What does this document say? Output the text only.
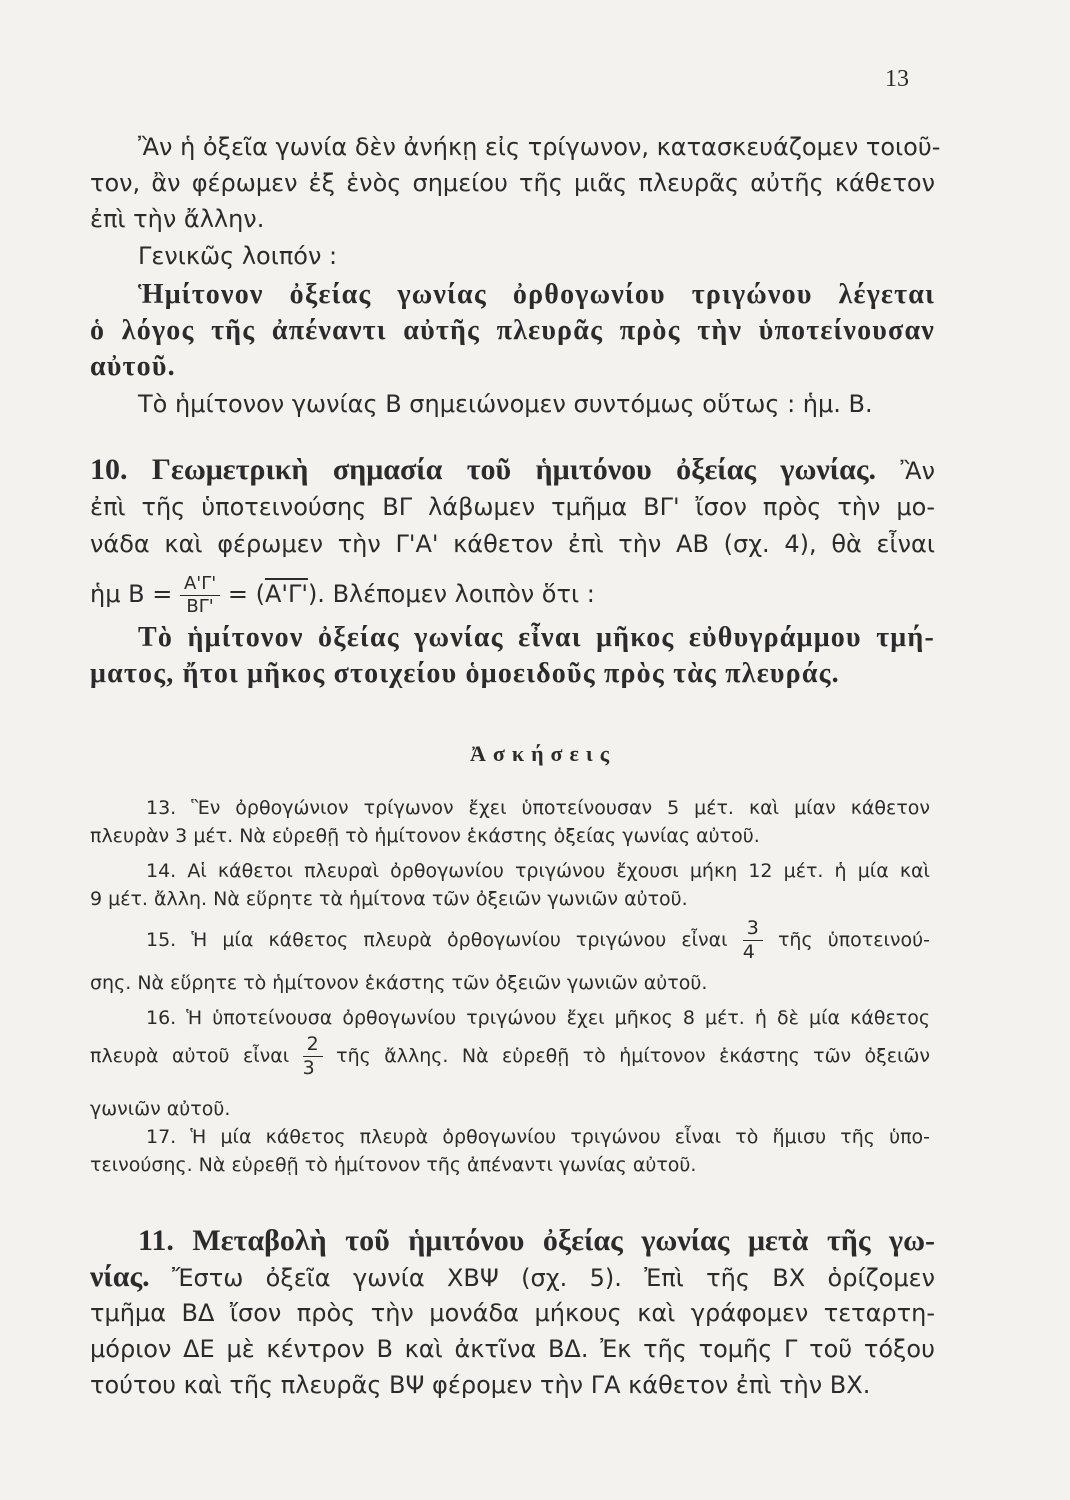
13
Ἂν ἡ ὀξεῖα γωνία δὲν ἀνήκῃ εἰς τρίγωνον, κατασκευάζομεν τοιοῦ-
τον, ἂν φέρωμεν ἐξ ἑνὸς σημείου τῆς μιᾶς πλευρᾶς αὐτῆς κάθετον
ἐπὶ τὴν ἄλλην.
Γενικῶς λοιπόν :
Ἡμίτονον ὀξείας γωνίας ὀρθογωνίου τριγώνου λέγεται
ὁ λόγος τῆς ἀπέναντι αὐτῆς πλευρᾶς πρὸς τὴν ὑποτείνουσαν
αὐτοῦ.
Τὸ ἡμίτονον γωνίας Β σημειώνομεν συντόμως οὕτως : ἡμ. Β.
10. Γεωμετρικὴ σημασία τοῦ ἡμιτόνου ὀξείας γωνίας. Ἂν
ἐπὶ τῆς ὑποτεινούσης ΒΓ λάβωμεν τμῆμα ΒΓ' ἴσον πρὸς τὴν μο-
νάδα καὶ φέρωμεν τὴν Γ'Α' κάθετον ἐπὶ τὴν ΑΒ (σχ. 4), θὰ εἶναι
ἡμ $B = \frac{A'\Gamma'}{B\Gamma'} = (A'\Gamma')$. Βλέπομεν λοιπὸν ὅτι :
Τὸ ἡμίτονον ὀξείας γωνίας εἶναι μῆκος εὐθυγράμμου τμή-
ματος, ἤτοι μῆκος στοιχείου ὁμοειδοῦς πρὸς τὰς πλευράς.
Ἀσκήσεις
13. Ἓν ὀρθογώνιον τρίγωνον ἔχει ὑποτείνουσαν 5 μέτ. καὶ μίαν κάθετον
πλευρὰν 3 μέτ. Νὰ εὑρεθῇ τὸ ἡμίτονον ἑκάστης ὀξείας γωνίας αὐτοῦ.
14. Αἱ κάθετοι πλευραὶ ὀρθογωνίου τριγώνου ἔχουσι μήκη 12 μέτ. ἡ μία καὶ
9 μέτ. ἄλλη. Νὰ εὕρητε τὰ ἡμίτονα τῶν ὀξειῶν γωνιῶν αὐτοῦ.
15. Ἡ μία κάθετος πλευρὰ ὀρθογωνίου τριγώνου εἶναι $\frac{3}{4}$ τῆς ὑποτεινού-
σης. Νὰ εὕρητε τὸ ἡμίτονον ἑκάστης τῶν ὀξειῶν γωνιῶν αὐτοῦ.
16. Ἡ ὑποτείνουσα ὀρθογωνίου τριγώνου ἔχει μῆκος 8 μέτ. ἡ δὲ μία κάθετος
πλευρὰ αὐτοῦ εἶναι $\frac{2}{3}$ τῆς ἄλλης. Νὰ εὑρεθῇ τὸ ἡμίτονον ἑκάστης τῶν ὀξειῶν
γωνιῶν αὐτοῦ.
17. Ἡ μία κάθετος πλευρὰ ὀρθογωνίου τριγώνου εἶναι τὸ ἥμισυ τῆς ὑπο-
τεινούσης. Νὰ εὑρεθῇ τὸ ἡμίτονον τῆς ἀπέναντι γωνίας αὐτοῦ.
11. Μεταβολὴ τοῦ ἡμιτόνου ὀξείας γωνίας μετὰ τῆς γω-
νίας. Ἔστω ὀξεῖα γωνία ΧΒΨ (σχ. 5). Ἐπὶ τῆς ΒΧ ὁρίζομεν
τμῆμα ΒΔ ἴσον πρὸς τὴν μονάδα μήκους καὶ γράφομεν τεταρτη-
μόριον ΔΕ μὲ κέντρον Β καὶ ἀκτῖνα ΒΔ. Ἐκ τῆς τομῆς Γ τοῦ τόξου
τούτου καὶ τῆς πλευρᾶς ΒΨ φέρομεν τὴν ΓΑ κάθετον ἐπὶ τὴν ΒΧ.
